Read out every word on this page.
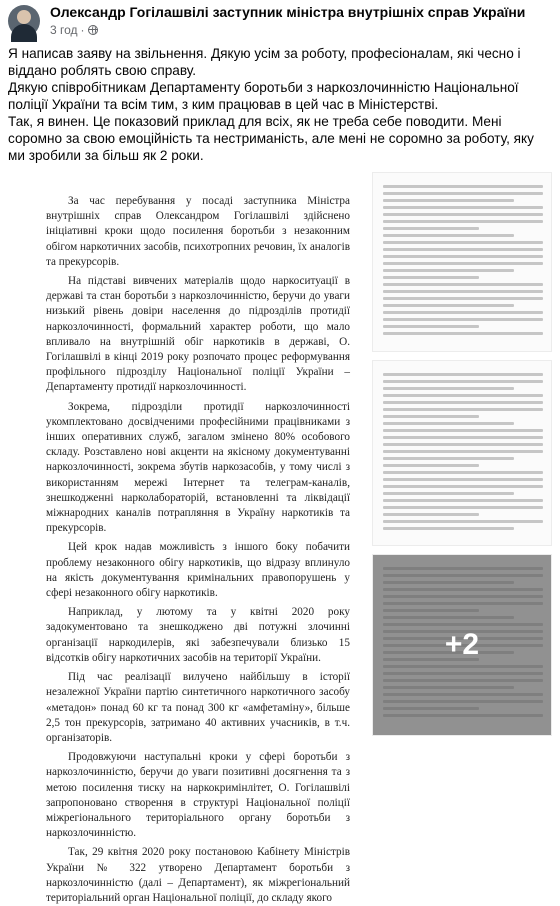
Олександр Гогілашвілі заступник міністра внутрішніх справ України
3 год ·

Я написав заяву на звільнення. Дякую усім за роботу, професіоналам, які чесно і віддано роблять свою справу.

Дякую співробітникам Департаменту боротьби з наркозлочинністю Національної поліції України та всім тим, з ким працював в цей час в Міністерстві.

Так, я винен. Це показовий приклад для всіх, як не треба себе поводити. Мені соромно за свою емоційність та нестриманість, але мені не соромно за роботу, яку ми зробили за більш як 2 роки.

За час перебування у посаді заступника Міністра внутрішніх справ Олександром Гогілашвілі здійснено ініціативні кроки щодо посилення боротьби з незаконним обігом наркотичних засобів, психотропних речовин, їх аналогів та прекурсорів.

На підставі вивчених матеріалів щодо наркоситуації в державі та стан боротьби з наркозлочинністю, беручи до уваги низький рівень довіри населення до підрозділів протидії наркозлочинності, формальний характер роботи, що мало впливало на внутрішній обіг наркотиків в державі, О. Гогілашвілі в кінці 2019 року розпочато процес реформування профільного підрозділу Національної поліції України – Департаменту протидії наркозлочинності.

Зокрема, підрозділи протидії наркозлочинності укомплектовано досвідченими професійними працівниками з інших оперативних служб, загалом змінено 80% особового складу. Розставлено нові акценти на якісному документуванні наркозлочинності, зокрема збутів наркозасобів, у тому числі з використанням мережі Інтернет та телеграм-каналів, знешкодженні нарколабораторій, встановленні та ліквідації міжнародних каналів потрапляння в Україну наркотиків та прекурсорів.

Цей крок надав можливість з іншого боку побачити проблему незаконного обігу наркотиків, що відразу вплинуло на якість документування кримінальних правопорушень у сфері незаконного обігу наркотиків.

Наприклад, у лютому та у квітні 2020 року задокументовано та знешкоджено дві потужні злочинні організації наркодилерів, які забезпечували близько 15 відсотків обігу наркотичних засобів на території України.

Під час реалізації вилучено найбільшу в історії незалежної України партію синтетичного наркотичного засобу «метадон» понад 60 кг та понад 300 кг «амфетаміну», більше 2,5 тон прекурсорів, затримано 40 активних учасників, в т.ч. організаторів.

Продовжуючи наступальні кроки у сфері боротьби з наркозлочинністю, беручи до уваги позитивні досягнення та з метою посилення тиску на наркокримінлітет, О. Гогілашвілі запропоновано створення в структурі Національної поліції міжрегіонального територіального органу боротьби з наркозлочинністю.

Так, 29 квітня 2020 року постановою Кабінету Міністрів України № 322 утворено Департамент боротьби з наркозлочинністю (далі – Департамент), як міжрегіональний територіальний орган Національної поліції, до складу якого

+2
